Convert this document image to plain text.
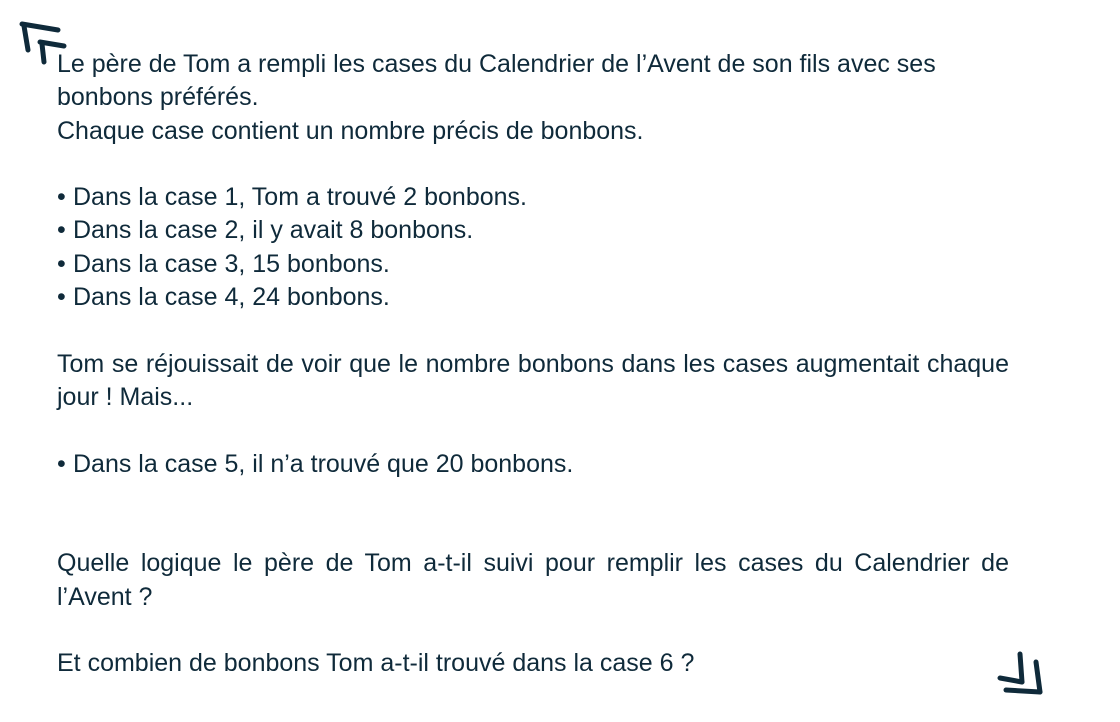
Le père de Tom a rempli les cases du Calendrier de l’Avent de son fils avec ses bonbons préférés.

Chaque case contient un nombre précis de bonbons.

• Dans la case 1, Tom a trouvé 2 bonbons.
• Dans la case 2, il y avait 8 bonbons.
• Dans la case 3, 15 bonbons.
• Dans la case 4, 24 bonbons.

Tom se réjouissait de voir que le nombre bonbons dans les cases augmentait chaque jour ! Mais...

• Dans la case 5, il n’a trouvé que 20 bonbons.

Quelle logique le père de Tom a-t-il suivi pour remplir les cases du Calendrier de l’Avent ?

Et combien de bonbons Tom a-t-il trouvé dans la case 6 ?
